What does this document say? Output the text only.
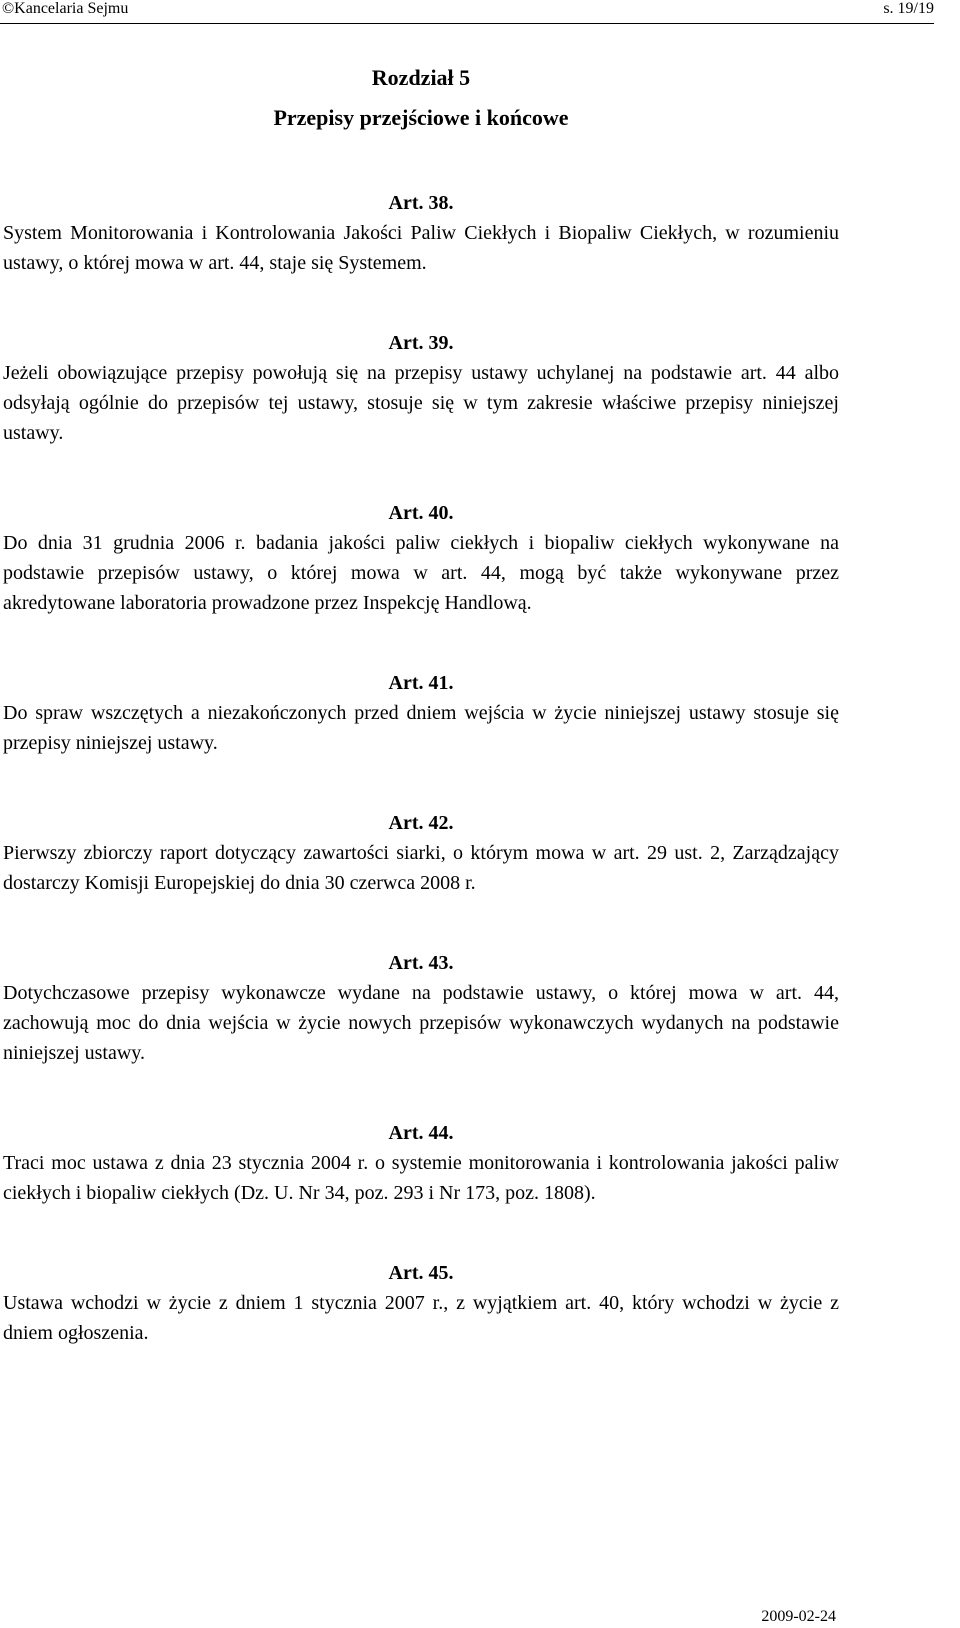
©Kancelaria Sejmu	s. 19/19
Rozdział 5
Przepisy przejściowe i końcowe

Art. 38.

System Monitorowania i Kontrolowania Jakości Paliw Ciekłych i Biopaliw Ciekłych, w rozumieniu ustawy, o której mowa w art. 44, staje się Systemem.

Art. 39.

Jeżeli obowiązujące przepisy powołują się na przepisy ustawy uchylanej na podstawie art. 44 albo odsyłają ogólnie do przepisów tej ustawy, stosuje się w tym zakresie właściwe przepisy niniejszej ustawy.

Art. 40.

Do dnia 31 grudnia 2006 r. badania jakości paliw ciekłych i biopaliw ciekłych wykonywane na podstawie przepisów ustawy, o której mowa w art. 44, mogą być także wykonywane przez akredytowane laboratoria prowadzone przez Inspekcję Handlową.

Art. 41.

Do spraw wszczętych a niezakończonych przed dniem wejścia w życie niniejszej ustawy stosuje się przepisy niniejszej ustawy.

Art. 42.

Pierwszy zbiorczy raport dotyczący zawartości siarki, o którym mowa w art. 29 ust. 2, Zarządzający dostarczy Komisji Europejskiej do dnia 30 czerwca 2008 r.

Art. 43.

Dotychczasowe przepisy wykonawcze wydane na podstawie ustawy, o której mowa w art. 44, zachowują moc do dnia wejścia w życie nowych przepisów wykonawczych wydanych na podstawie niniejszej ustawy.

Art. 44.

Traci moc ustawa z dnia 23 stycznia 2004 r. o systemie monitorowania i kontrolowania jakości paliw ciekłych i biopaliw ciekłych (Dz. U. Nr 34, poz. 293 i Nr 173, poz. 1808).

Art. 45.

Ustawa wchodzi w życie z dniem 1 stycznia 2007 r., z wyjątkiem art. 40, który wchodzi w życie z dniem ogłoszenia.

2009-02-24
